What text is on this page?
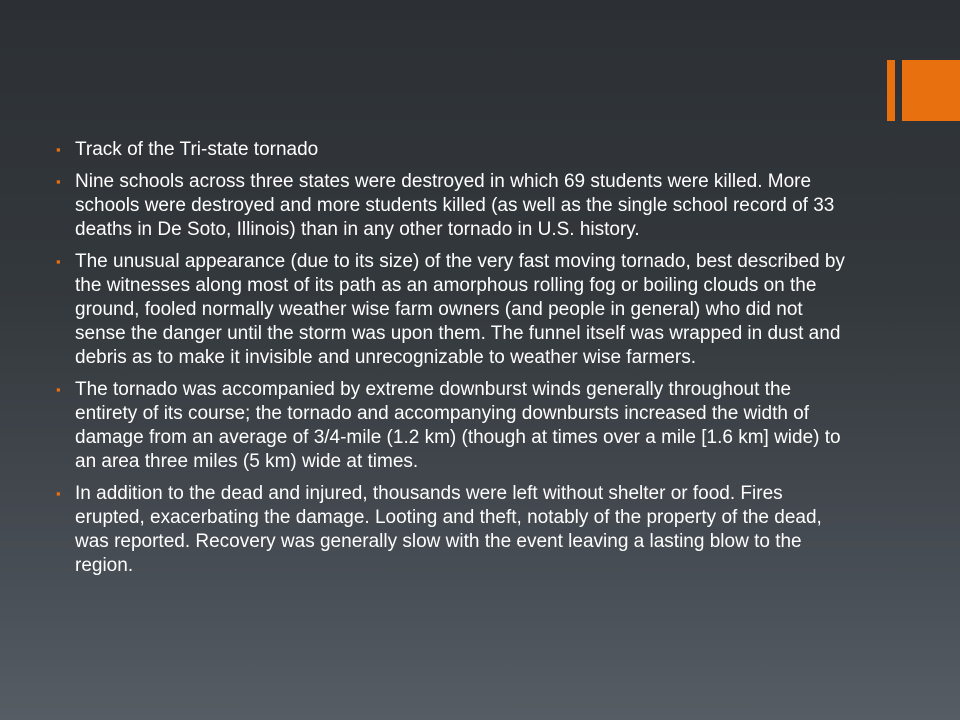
▪ Track of the Tri-state tornado
▪ Nine schools across three states were destroyed in which 69 students were killed. More schools were destroyed and more students killed (as well as the single school record of 33 deaths in De Soto, Illinois) than in any other tornado in U.S. history.
▪ The unusual appearance (due to its size) of the very fast moving tornado, best described by the witnesses along most of its path as an amorphous rolling fog or boiling clouds on the ground, fooled normally weather wise farm owners (and people in general) who did not sense the danger until the storm was upon them. The funnel itself was wrapped in dust and debris as to make it invisible and unrecognizable to weather wise farmers.
▪ The tornado was accompanied by extreme downburst winds generally throughout the entirety of its course; the tornado and accompanying downbursts increased the width of damage from an average of 3/4-mile (1.2 km) (though at times over a mile [1.6 km] wide) to an area three miles (5 km) wide at times.
▪ In addition to the dead and injured, thousands were left without shelter or food. Fires erupted, exacerbating the damage. Looting and theft, notably of the property of the dead, was reported. Recovery was generally slow with the event leaving a lasting blow to the region.
